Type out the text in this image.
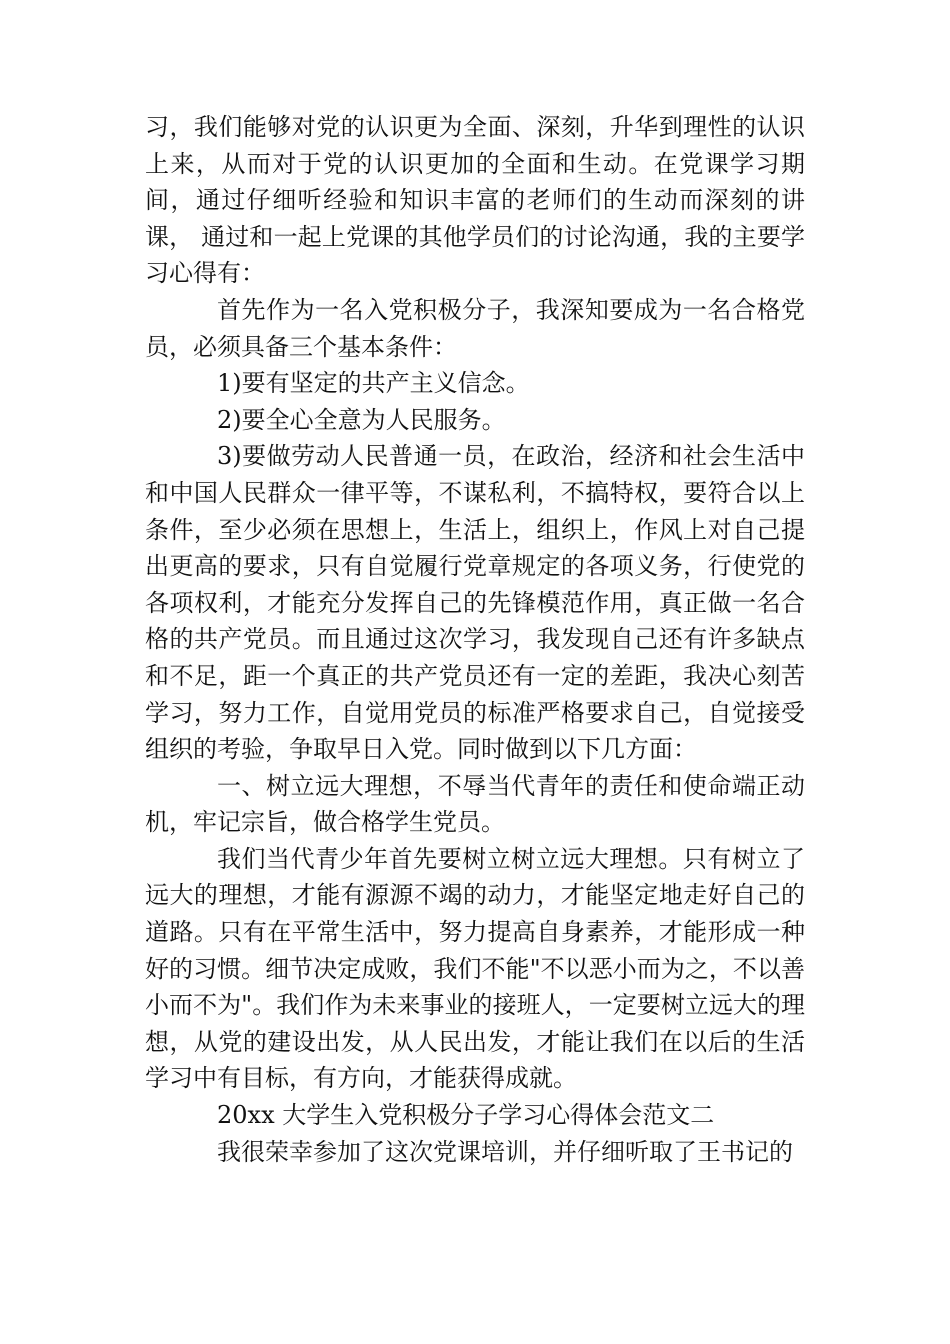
习，我们能够对党的认识更为全面、深刻，升华到理性的认识上来，从而对于党的认识更加的全面和生动。在党课学习期间，通过仔细听经验和知识丰富的老师们的生动而深刻的讲课， 通过和一起上党课的其他学员们的讨论沟通，我的主要学习心得有：

首先作为一名入党积极分子，我深知要成为一名合格党员，必须具备三个基本条件：

1)要有坚定的共产主义信念。

2)要全心全意为人民服务。

3)要做劳动人民普通一员，在政治，经济和社会生活中和中国人民群众一律平等，不谋私利，不搞特权，要符合以上条件，至少必须在思想上，生活上，组织上，作风上对自己提出更高的要求，只有自觉履行党章规定的各项义务，行使党的各项权利，才能充分发挥自己的先锋模范作用，真正做一名合格的共产党员。而且通过这次学习，我发现自己还有许多缺点和不足，距一个真正的共产党员还有一定的差距，我决心刻苦学习，努力工作，自觉用党员的标准严格要求自己，自觉接受组织的考验，争取早日入党。同时做到以下几方面：

一、树立远大理想，不辱当代青年的责任和使命端正动机，牢记宗旨，做合格学生党员。

我们当代青少年首先要树立树立远大理想。只有树立了远大的理想，才能有源源不竭的动力，才能坚定地走好自己的道路。只有在平常生活中，努力提高自身素养，才能形成一种好的习惯。细节决定成败，我们不能"不以恶小而为之，不以善小而不为"。我们作为未来事业的接班人，一定要树立远大的理想，从党的建设出发，从人民出发，才能让我们在以后的生活学习中有目标，有方向，才能获得成就。

20xx 大学生入党积极分子学习心得体会范文二

我很荣幸参加了这次党课培训，并仔细听取了王书记的
